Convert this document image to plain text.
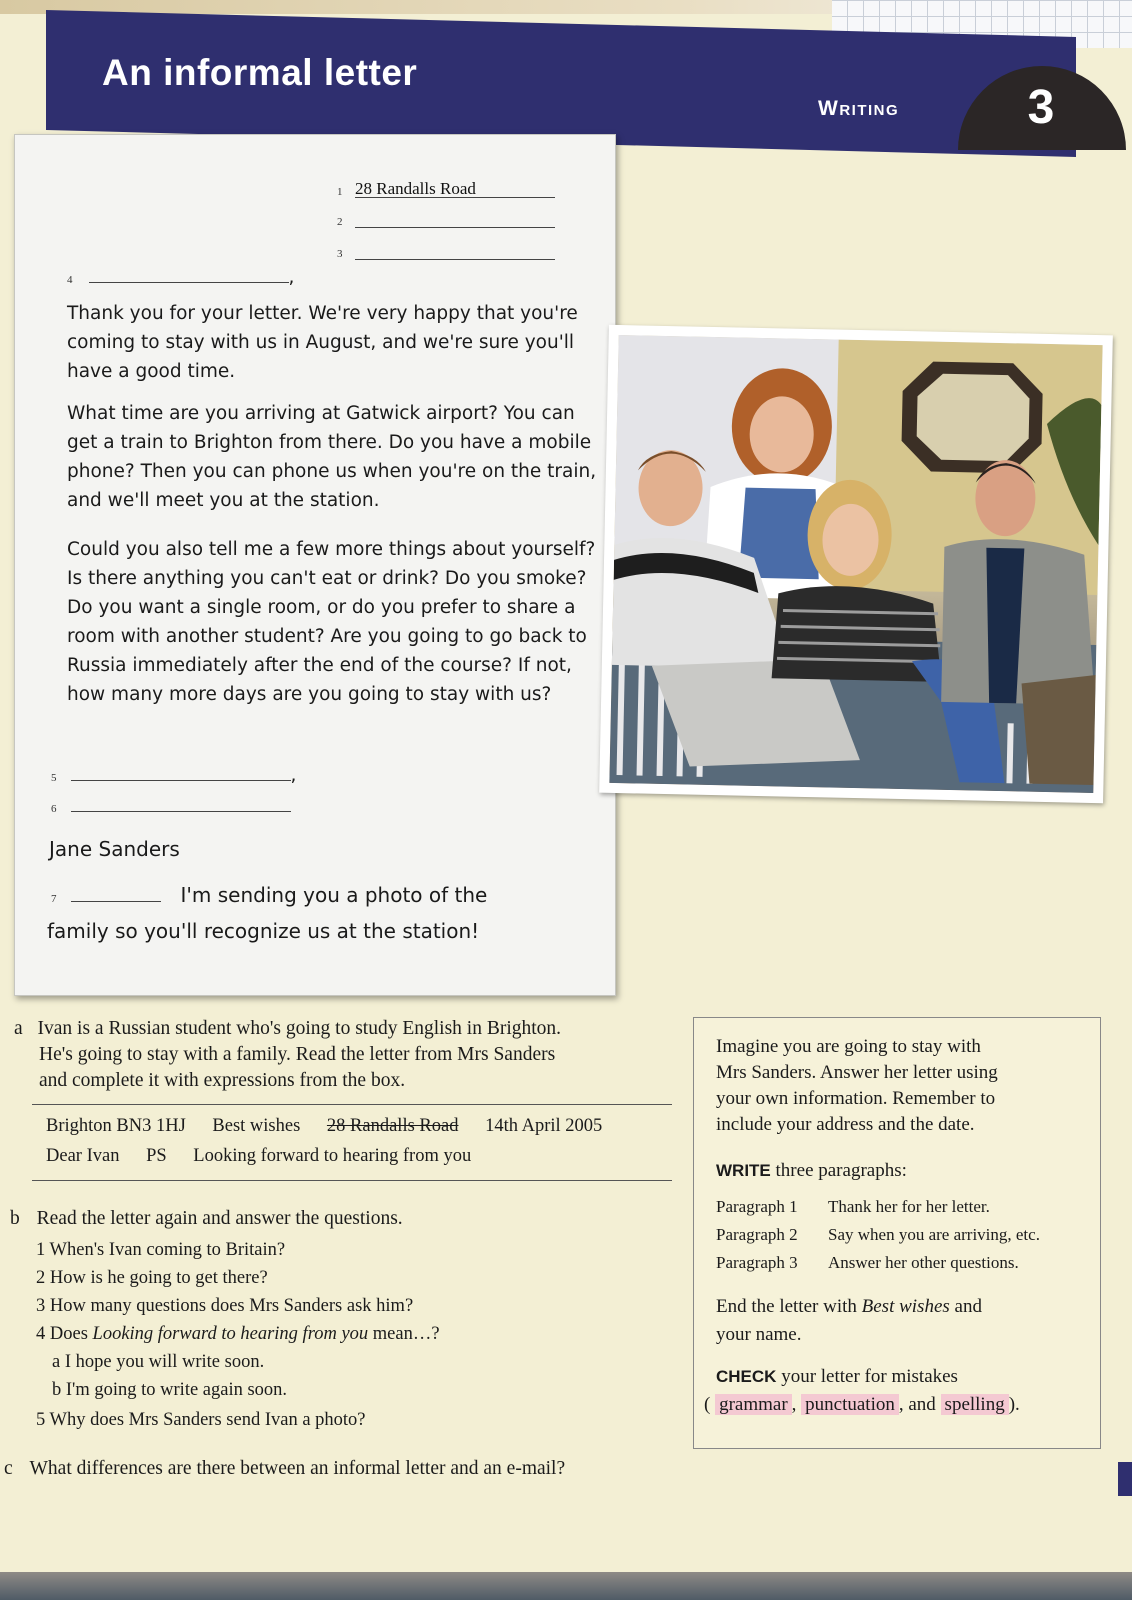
An informal letter
Writing	3
1 28 Randalls Road
2
3
4	,

Thank you for your letter. We're very happy that you're coming to stay with us in August, and we're sure you'll have a good time.

What time are you arriving at Gatwick airport? You can get a train to Brighton from there. Do you have a mobile phone? Then you can phone us when you're on the train, and we'll meet you at the station.

Could you also tell me a few more things about yourself? Is there anything you can't eat or drink? Do you smoke? Do you want a single room, or do you prefer to share a room with another student? Are you going to go back to Russia immediately after the end of the course? If not, how many more days are you going to stay with us?

5	,
6
Jane Sanders
7	I'm sending you a photo of the
family so you'll recognize us at the station!
a Ivan is a Russian student who's going to study English in Brighton.
He's going to stay with a family. Read the letter from Mrs Sanders
and complete it with expressions from the box.
Brighton BN3 1HJ Best wishes 28 Randalls Road 14th April 2005
Dear Ivan PS Looking forward to hearing from you
b Read the letter again and answer the questions.
1 When's Ivan coming to Britain?
2 How is he going to get there?
3 How many questions does Mrs Sanders ask him?
4 Does Looking forward to hearing from you mean…?
a I hope you will write soon.
b I'm going to write again soon.
5 Why does Mrs Sanders send Ivan a photo?
c What differences are there between an informal letter and an e-mail?
Imagine you are going to stay with
Mrs Sanders. Answer her letter using
your own information. Remember to
include your address and the date.
WRITE three paragraphs:
Paragraph 1 Thank her for her letter.
Paragraph 2 Say when you are arriving, etc.
Paragraph 3 Answer her other questions.
End the letter with Best wishes and
your name.
CHECK your letter for mistakes
( grammar , punctuation , and spelling ).
